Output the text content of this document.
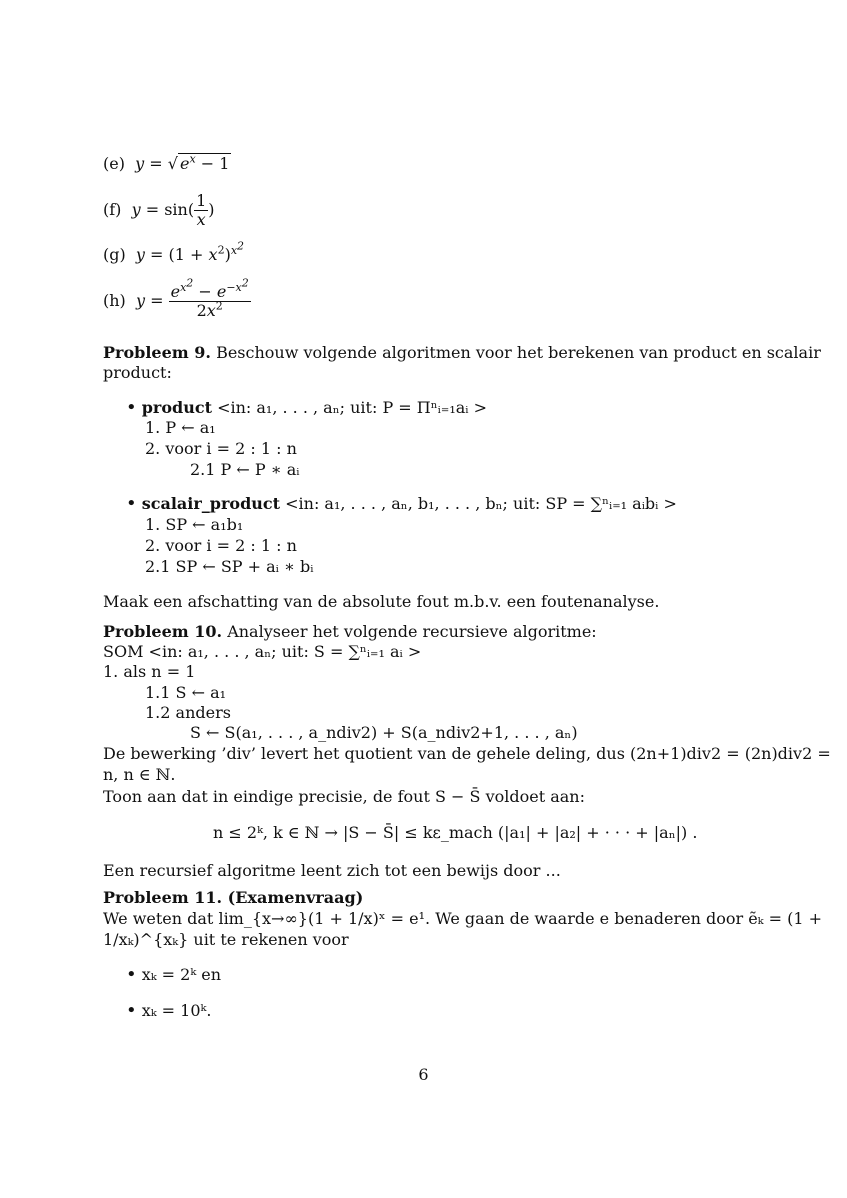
(e) y = √ $e^x - 1$
(f) $y = \sin( \frac{1}{x}$ )
(g) $y = (1 + x^2)^{x^2}$
(h) $y = \frac{e^{x^2} - e^{-x^2}}{2x^2}$
Probleem 9. Beschouw volgende algoritmen voor het berekenen van product en scalair
product:
• product <in: a₁, . . . , aₙ; uit: P = Πⁿᵢ₌₁aᵢ >
1. P ← a₁
2. voor i = 2 : 1 : n
2.1 P ← P ∗ aᵢ
• scalair_product <in: a₁, . . . , aₙ, b₁, . . . , bₙ; uit: SP = ∑ⁿᵢ₌₁ aᵢbᵢ >
1. SP ← a₁b₁
2. voor i = 2 : 1 : n
2.1 SP ← SP + aᵢ ∗ bᵢ
Maak een afschatting van de absolute fout m.b.v. een foutenanalyse.
Probleem 10. Analyseer het volgende recursieve algoritme:
SOM <in: a₁, . . . , aₙ; uit: S = ∑ⁿᵢ₌₁ aᵢ >
1. als n = 1
1.1 S ← a₁
1.2 anders
S ← S(a₁, . . . , a_ndiv2) + S(a_ndiv2+1, . . . , aₙ)
De bewerking ’div’ levert het quotient van de gehele deling, dus (2n+1)div2 = (2n)div2 =
n, n ∈ ℕ.
Toon aan dat in eindige precisie, de fout S − S̄ voldoet aan:
n ≤ 2ᵏ, k ∈ ℕ → |S − S̄| ≤ kε_mach (|a₁| + |a₂| + · · · + |aₙ|) .
Een recursief algoritme leent zich tot een bewijs door ...
Probleem 11. (Examenvraag)
We weten dat lim_{x→∞}(1 + 1/x)ˣ = e¹. We gaan de waarde e benaderen door ẽₖ = (1 +
1/xₖ)^{xₖ} uit te rekenen voor
• xₖ = 2ᵏ en
• xₖ = 10ᵏ.
6
